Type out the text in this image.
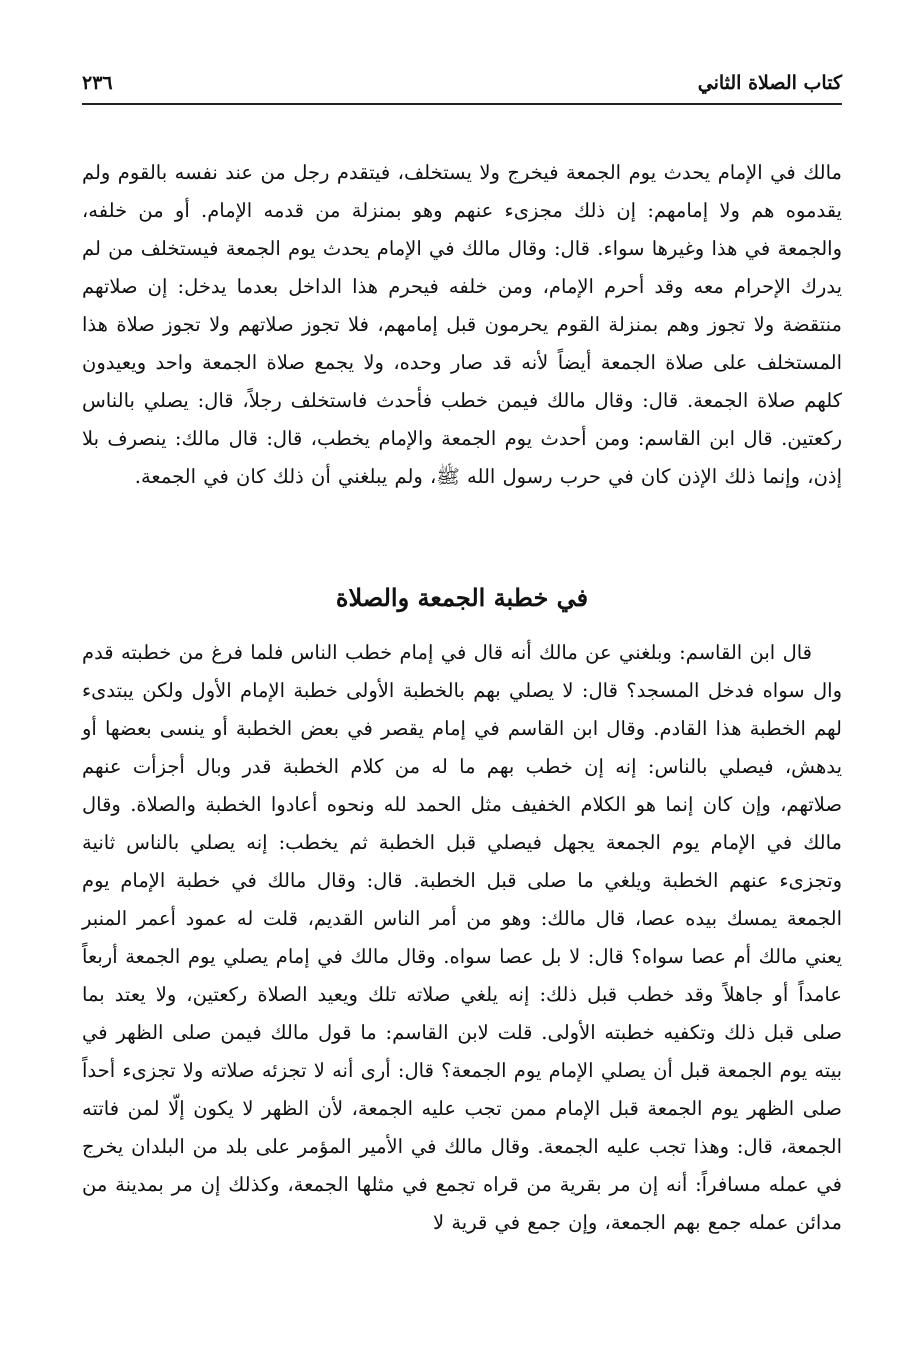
كتاب الصلاة الثاني
٢٣٦

مالك في الإمام يحدث يوم الجمعة فيخرج ولا يستخلف، فيتقدم رجل من عند نفسه بالقوم ولم يقدموه هم ولا إمامهم: إن ذلك مجزىء عنهم وهو بمنزلة من قدمه الإمام. أو من خلفه، والجمعة في هذا وغيرها سواء. قال: وقال مالك في الإمام يحدث يوم الجمعة فيستخلف من لم يدرك الإحرام معه وقد أحرم الإمام، ومن خلفه فيحرم هذا الداخل بعدما يدخل: إن صلاتهم منتقضة ولا تجوز وهم بمنزلة القوم يحرمون قبل إمامهم، فلا تجوز صلاتهم ولا تجوز صلاة هذا المستخلف على صلاة الجمعة أيضاً لأنه قد صار وحده، ولا يجمع صلاة الجمعة واحد ويعيدون كلهم صلاة الجمعة. قال: وقال مالك فيمن خطب فأحدث فاستخلف رجلاً، قال: يصلي بالناس ركعتين. قال ابن القاسم: ومن أحدث يوم الجمعة والإمام يخطب، قال: قال مالك: ينصرف بلا إذن، وإنما ذلك الإذن كان في حرب رسول الله ﷺ، ولم يبلغني أن ذلك كان في الجمعة.

في خطبة الجمعة والصلاة

قال ابن القاسم: وبلغني عن مالك أنه قال في إمام خطب الناس فلما فرغ من خطبته قدم وال سواه فدخل المسجد؟ قال: لا يصلي بهم بالخطبة الأولى خطبة الإمام الأول ولكن يبتدىء لهم الخطبة هذا القادم. وقال ابن القاسم في إمام يقصر في بعض الخطبة أو ينسى بعضها أو يدهش، فيصلي بالناس: إنه إن خطب بهم ما له من كلام الخطبة قدر وبال أجزأت عنهم صلاتهم، وإن كان إنما هو الكلام الخفيف مثل الحمد لله ونحوه أعادوا الخطبة والصلاة. وقال مالك في الإمام يوم الجمعة يجهل فيصلي قبل الخطبة ثم يخطب: إنه يصلي بالناس ثانية وتجزىء عنهم الخطبة ويلغي ما صلى قبل الخطبة. قال: وقال مالك في خطبة الإمام يوم الجمعة يمسك بيده عصا، قال مالك: وهو من أمر الناس القديم، قلت له عمود أعمر المنبر يعني مالك أم عصا سواه؟ قال: لا بل عصا سواه. وقال مالك في إمام يصلي يوم الجمعة أربعاً عامداً أو جاهلاً وقد خطب قبل ذلك: إنه يلغي صلاته تلك ويعيد الصلاة ركعتين، ولا يعتد بما صلى قبل ذلك وتكفيه خطبته الأولى. قلت لابن القاسم: ما قول مالك فيمن صلى الظهر في بيته يوم الجمعة قبل أن يصلي الإمام يوم الجمعة؟ قال: أرى أنه لا تجزئه صلاته ولا تجزىء أحداً صلى الظهر يوم الجمعة قبل الإمام ممن تجب عليه الجمعة، لأن الظهر لا يكون إلّا لمن فاتته الجمعة، قال: وهذا تجب عليه الجمعة. وقال مالك في الأمير المؤمر على بلد من البلدان يخرج في عمله مسافراً: أنه إن مر بقرية من قراه تجمع في مثلها الجمعة، وكذلك إن مر بمدينة من مدائن عمله جمع بهم الجمعة، وإن جمع في قرية لا
